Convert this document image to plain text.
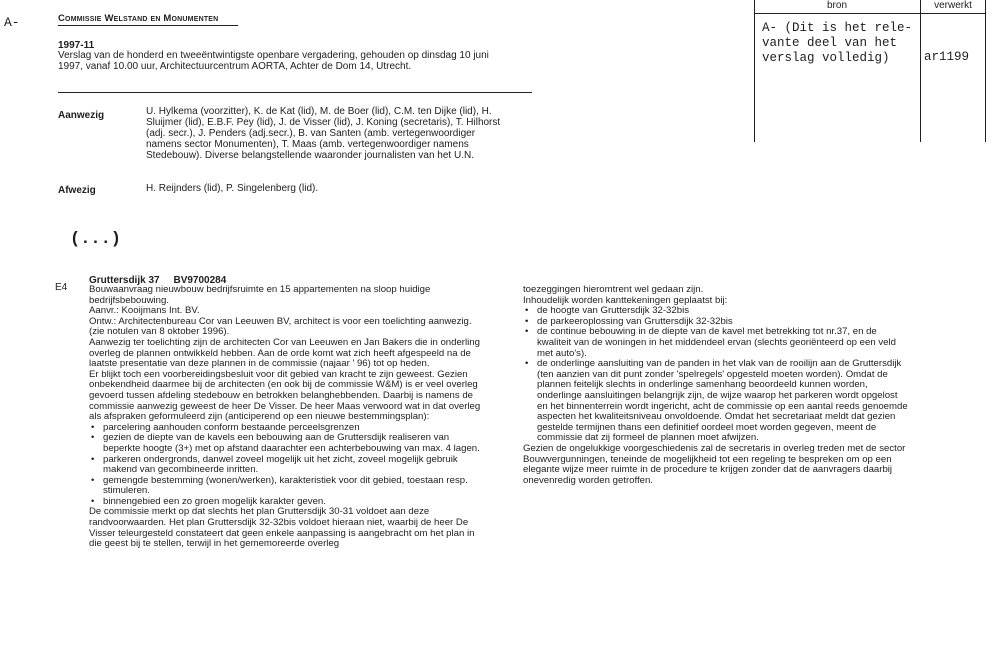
A-	Commissie Welstand en Monumenten
1997-11
Verslag van de honderd en tweeëntwintigste openbare vergadering, gehouden op dinsdag 10 juni 1997, vanaf 10.00 uur, Architectuurcentrum AORTA, Achter de Dom 14, Utrecht.
bron	verwerkt
A- (Dit is het rele-vante deel van het verslag volledig)	ar1199
Aanwezig	U. Hylkema (voorzitter), K. de Kat (lid), M. de Boer (lid), C.M. ten Dijke (lid), H. Sluijmer (lid), E.B.F. Pey (lid), J. de Visser (lid), J. Koning (secretaris), T. Hilhorst (adj. secr.), J. Penders (adj.secr.), B. van Santen (amb. vertegenwoordiger namens sector Monumenten), T. Maas (amb. vertegenwoordiger namens Stedebouw). Diverse belangstellende waaronder journalisten van het U.N.
Afwezig	H. Reijnders (lid), P. Singelenberg (lid).
(...)
E4
Gruttersdijk 37     BV9700284

Bouwaanvraag nieuwbouw bedrijfsruimte en 15 appartementen na sloop huidige bedrijfsbebouwing.

Aanvr.: Kooijmans Int. BV.

Ontw.: Architectenbureau Cor van Leeuwen BV, architect is voor een toelichting aanwezig.

(zie notulen van 8 oktober 1996).

Aanwezig ter toelichting zijn de architecten Cor van Leeuwen en Jan Bakers die in onderling overleg de plannen ontwikkeld hebben. Aan de orde komt wat zich heeft afgespeeld na de laatste presentatie van deze plannen in de commissie (najaar ' 96) tot op heden.

Er blijkt toch een voorbereidingsbesluit voor dit gebied van kracht te zijn geweest. Gezien onbekendheid daarmee bij de architecten (en ook bij de commissie W&M) is er veel overleg gevoerd tussen afdeling stedebouw en betrokken belanghebbenden. Daarbij is namens de commissie aanwezig geweest de heer De Visser. De heer Maas verwoord wat in dat overleg als afspraken geformuleerd zijn (anticiperend op een nieuwe bestemmingsplan):

• parcelering aanhouden conform bestaande perceelsgrenzen
• gezien de diepte van de kavels een bebouwing aan de Gruttersdijk realiseren van beperkte hoogte (3+) met op afstand daarachter een achterbebouwing van max. 4 lagen.
• parkeren ondergronds, danwel zoveel mogelijk uit het zicht, zoveel mogelijk gebruik makend van gecombineerde inritten.
• gemengde bestemming (wonen/werken), karakteristiek voor dit gebied, toestaan resp. stimuleren.
• binnengebied een zo groen mogelijk karakter geven.

De commissie merkt op dat slechts het plan Gruttersdijk 30-31 voldoet aan deze randvoorwaarden. Het plan Gruttersdijk 32-32bis voldoet hieraan niet, waarbij de heer De Visser teleurgesteld constateert dat geen enkele aanpassing is aangebracht om het plan in die geest bij te stellen, terwijl in het gememoreerde overleg

toezeggingen hieromtrent wel gedaan zijn.

Inhoudelijk worden kanttekeningen geplaatst bij:

• de hoogte van Gruttersdijk 32-32bis
• de parkeeroplossing van Gruttersdijk 32-32bis
• de continue bebouwing in de diepte van de kavel met betrekking tot nr.37, en de kwaliteit van de woningen in het middendeel ervan (slechts georiënteerd op een veld met auto's).
• de onderlinge aansluiting van de panden in het vlak van de rooilijn aan de Gruttersdijk (ten aanzien van dit punt zonder 'spelregels' opgesteld moeten worden). Omdat de plannen feitelijk slechts in onderlinge samenhang beoordeeld kunnen worden, onderlinge aansluitingen belangrijk zijn, de wijze waarop het parkeren wordt opgelost en het binnenterrein wordt ingericht, acht de commissie op een aantal reeds genoemde aspecten het kwaliteitsniveau onvoldoende. Omdat het secretariaat meldt dat gezien gestelde termijnen thans een definitief oordeel moet worden gegeven, meent de commissie dat zij formeel de plannen moet afwijzen.

Gezien de ongelukkige voorgeschiedenis zal de secretaris in overleg treden met de sector Bouwvergunningen, teneinde de mogelijkheid tot een regeling te bespreken om op een elegante wijze meer ruimte in de procedure te krijgen zonder dat de aanvragers daarbij onevenredig worden getroffen.
